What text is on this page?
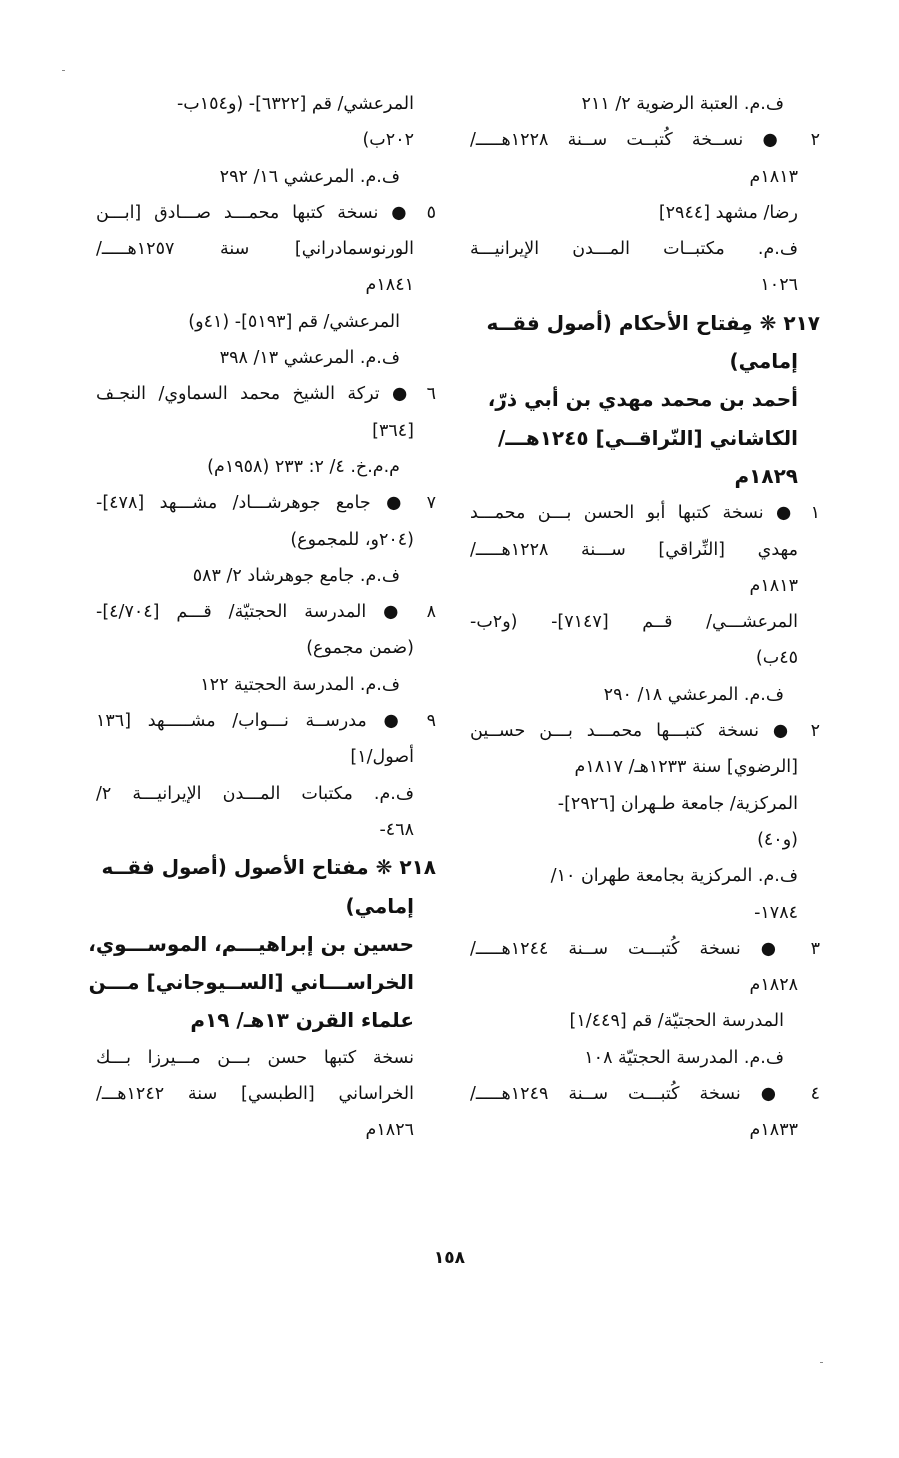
ف.م. العتبة الرضوية ٢/ ٢١١
٢ ● نســخة كُتبــت ســنة ١٢٢٨هـــــ/
١٨١٣م
رضا/ مشهد [٢٩٤٤]
ف.م. مكتبــات المـــدن الإيرانيـــة
١٠٢٦
٢١٧ ❋ مِفتاح الأحكام (أصول فقــه
إمامي)
أحمد بن محمد مهدي بن أبي ذرّ،
الكاشاني [النّراقــي] ١٢٤٥هـــ/
١٨٢٩م
١ ● نسخة كتبها أبو الحسن بـــن محمـــد
مهدي [النِّراقي] ســـنة ١٢٢٨هـــــ/
١٨١٣م
المرعشـــي/ قــم [٧١٤٧]- (و٢ب-
٤٥ب)
ف.م. المرعشي ١٨/ ٢٩٠
٢ ● نسخة كتبـــها محمـــد بـــن حســين
[الرضوي] سنة ١٢٣٣هـ/ ١٨١٧م
المركزية/ جامعة طـهران [٢٩٢٦]-
(و٤٠)
ف.م. المركزية بجامعة طهران ١٠/
١٧٨٤-
٣ ● نسخة كُتبـــت ســنة ١٢٤٤هـــــ/
١٨٢٨م
المدرسة الحجتيّة/ قم [١/٤٤٩]
ف.م. المدرسة الحجتيّة ١٠٨
٤ ● نسخة كُتبـــت ســنة ١٢٤٩هـــــ/
١٨٣٣م
المرعشي/ قم [٦٣٢٢]- (و١٥٤ب-
٢٠٢ب)
ف.م. المرعشي ١٦/ ٢٩٢
٥ ● نسخة كتبها محمـــد صـــادق [ابـــن
الورنوسمادراني] سنة ١٢٥٧هـــــ/
١٨٤١م
المرعشي/ قم [٥١٩٣]- (٤١و)
ف.م. المرعشي ١٣/ ٣٩٨
٦ ● تركة الشيخ محمد السماوي/ النجـف
[٣٦٤]
م.م.خ. ٤/ ٢: ٢٣٣ (١٩٥٨م)
٧ ● جامع جوهرشـــاد/ مشـــهد [٤٧٨]-
(٢٠٤و، للمجموع)
ف.م. جامع جوهرشاد ٢/ ٥٨٣
٨ ● المدرسة الحجتيّة/ قـــم [٤/٧٠٤]-
(ضمن مجموع)
ف.م. المدرسة الحجتية ١٢٢
٩ ● مدرســة نـــواب/ مشـــــهد [١٣٦
أصول/١]
ف.م. مكتبات المـــدن الإيرانيـــة ٢/
٤٦٨-
٢١٨ ❋ مفتاح الأصول (أصول فقــه
إمامي)
حسين بن إبراهيـــم، الموســـوي،
الخراســـاني [الســيوجاني] مـــن
علماء القرن ١٣هـ/ ١٩م
نسخة كتبها حسن بـــن مـــيرزا بـــك
الخراساني [الطبسي] سنة ١٢٤٢هـــ/
١٨٢٦م
١٥٨
